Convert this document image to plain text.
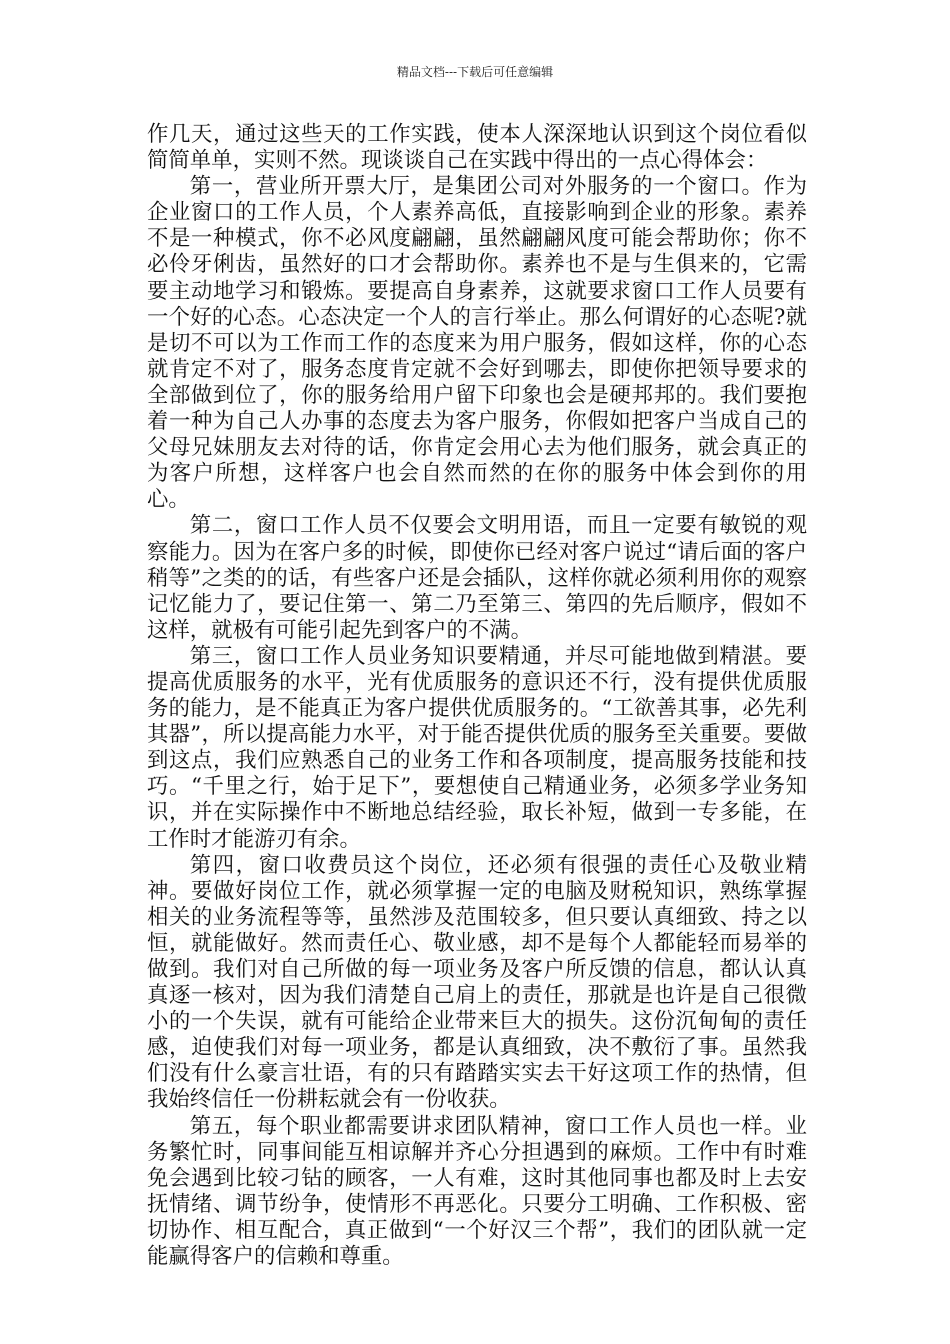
精品文档---下载后可任意编辑

作几天，通过这些天的工作实践，使本人深深地认识到这个岗位看似简简单单，实则不然。现谈谈自己在实践中得出的一点心得体会：

第一，营业所开票大厅，是集团公司对外服务的一个窗口。作为企业窗口的工作人员，个人素养高低，直接影响到企业的形象。素养不是一种模式，你不必风度翩翩，虽然翩翩风度可能会帮助你；你不必伶牙俐齿，虽然好的口才会帮助你。素养也不是与生俱来的，它需要主动地学习和锻炼。要提高自身素养，这就要求窗口工作人员要有一个好的心态。心态决定一个人的言行举止。那么何谓好的心态呢?就是切不可以为工作而工作的态度来为用户服务，假如这样，你的心态就肯定不对了，服务态度肯定就不会好到哪去，即使你把领导要求的全部做到位了，你的服务给用户留下印象也会是硬邦邦的。我们要抱着一种为自己人办事的态度去为客户服务，你假如把客户当成自己的父母兄妹朋友去对待的话，你肯定会用心去为他们服务，就会真正的为客户所想，这样客户也会自然而然的在你的服务中体会到你的用心。

第二，窗口工作人员不仅要会文明用语，而且一定要有敏锐的观察能力。因为在客户多的时候，即使你已经对客户说过“请后面的客户稍等”之类的的话，有些客户还是会插队，这样你就必须利用你的观察记忆能力了，要记住第一、第二乃至第三、第四的先后顺序，假如不这样，就极有可能引起先到客户的不满。

第三，窗口工作人员业务知识要精通，并尽可能地做到精湛。要提高优质服务的水平，光有优质服务的意识还不行，没有提供优质服务的能力，是不能真正为客户提供优质服务的。“工欲善其事，必先利其器”，所以提高能力水平，对于能否提供优质的服务至关重要。要做到这点，我们应熟悉自己的业务工作和各项制度，提高服务技能和技巧。“千里之行，始于足下”，要想使自己精通业务，必须多学业务知识，并在实际操作中不断地总结经验，取长补短，做到一专多能，在工作时才能游刃有余。

第四，窗口收费员这个岗位，还必须有很强的责任心及敬业精神。要做好岗位工作，就必须掌握一定的电脑及财税知识，熟练掌握相关的业务流程等等，虽然涉及范围较多，但只要认真细致、持之以恒，就能做好。然而责任心、敬业感，却不是每个人都能轻而易举的做到。我们对自己所做的每一项业务及客户所反馈的信息，都认认真真逐一核对，因为我们清楚自己肩上的责任，那就是也许是自己很微小的一个失误，就有可能给企业带来巨大的损失。这份沉甸甸的责任感，迫使我们对每一项业务，都是认真细致，决不敷衍了事。虽然我们没有什么豪言壮语，有的只有踏踏实实去干好这项工作的热情，但我始终信任一份耕耘就会有一份收获。

第五，每个职业都需要讲求团队精神，窗口工作人员也一样。业务繁忙时，同事间能互相谅解并齐心分担遇到的麻烦。工作中有时难免会遇到比较刁钻的顾客，一人有难，这时其他同事也都及时上去安抚情绪、调节纷争，使情形不再恶化。只要分工明确、工作积极、密切协作、相互配合，真正做到“一个好汉三个帮”，我们的团队就一定能赢得客户的信赖和尊重。
